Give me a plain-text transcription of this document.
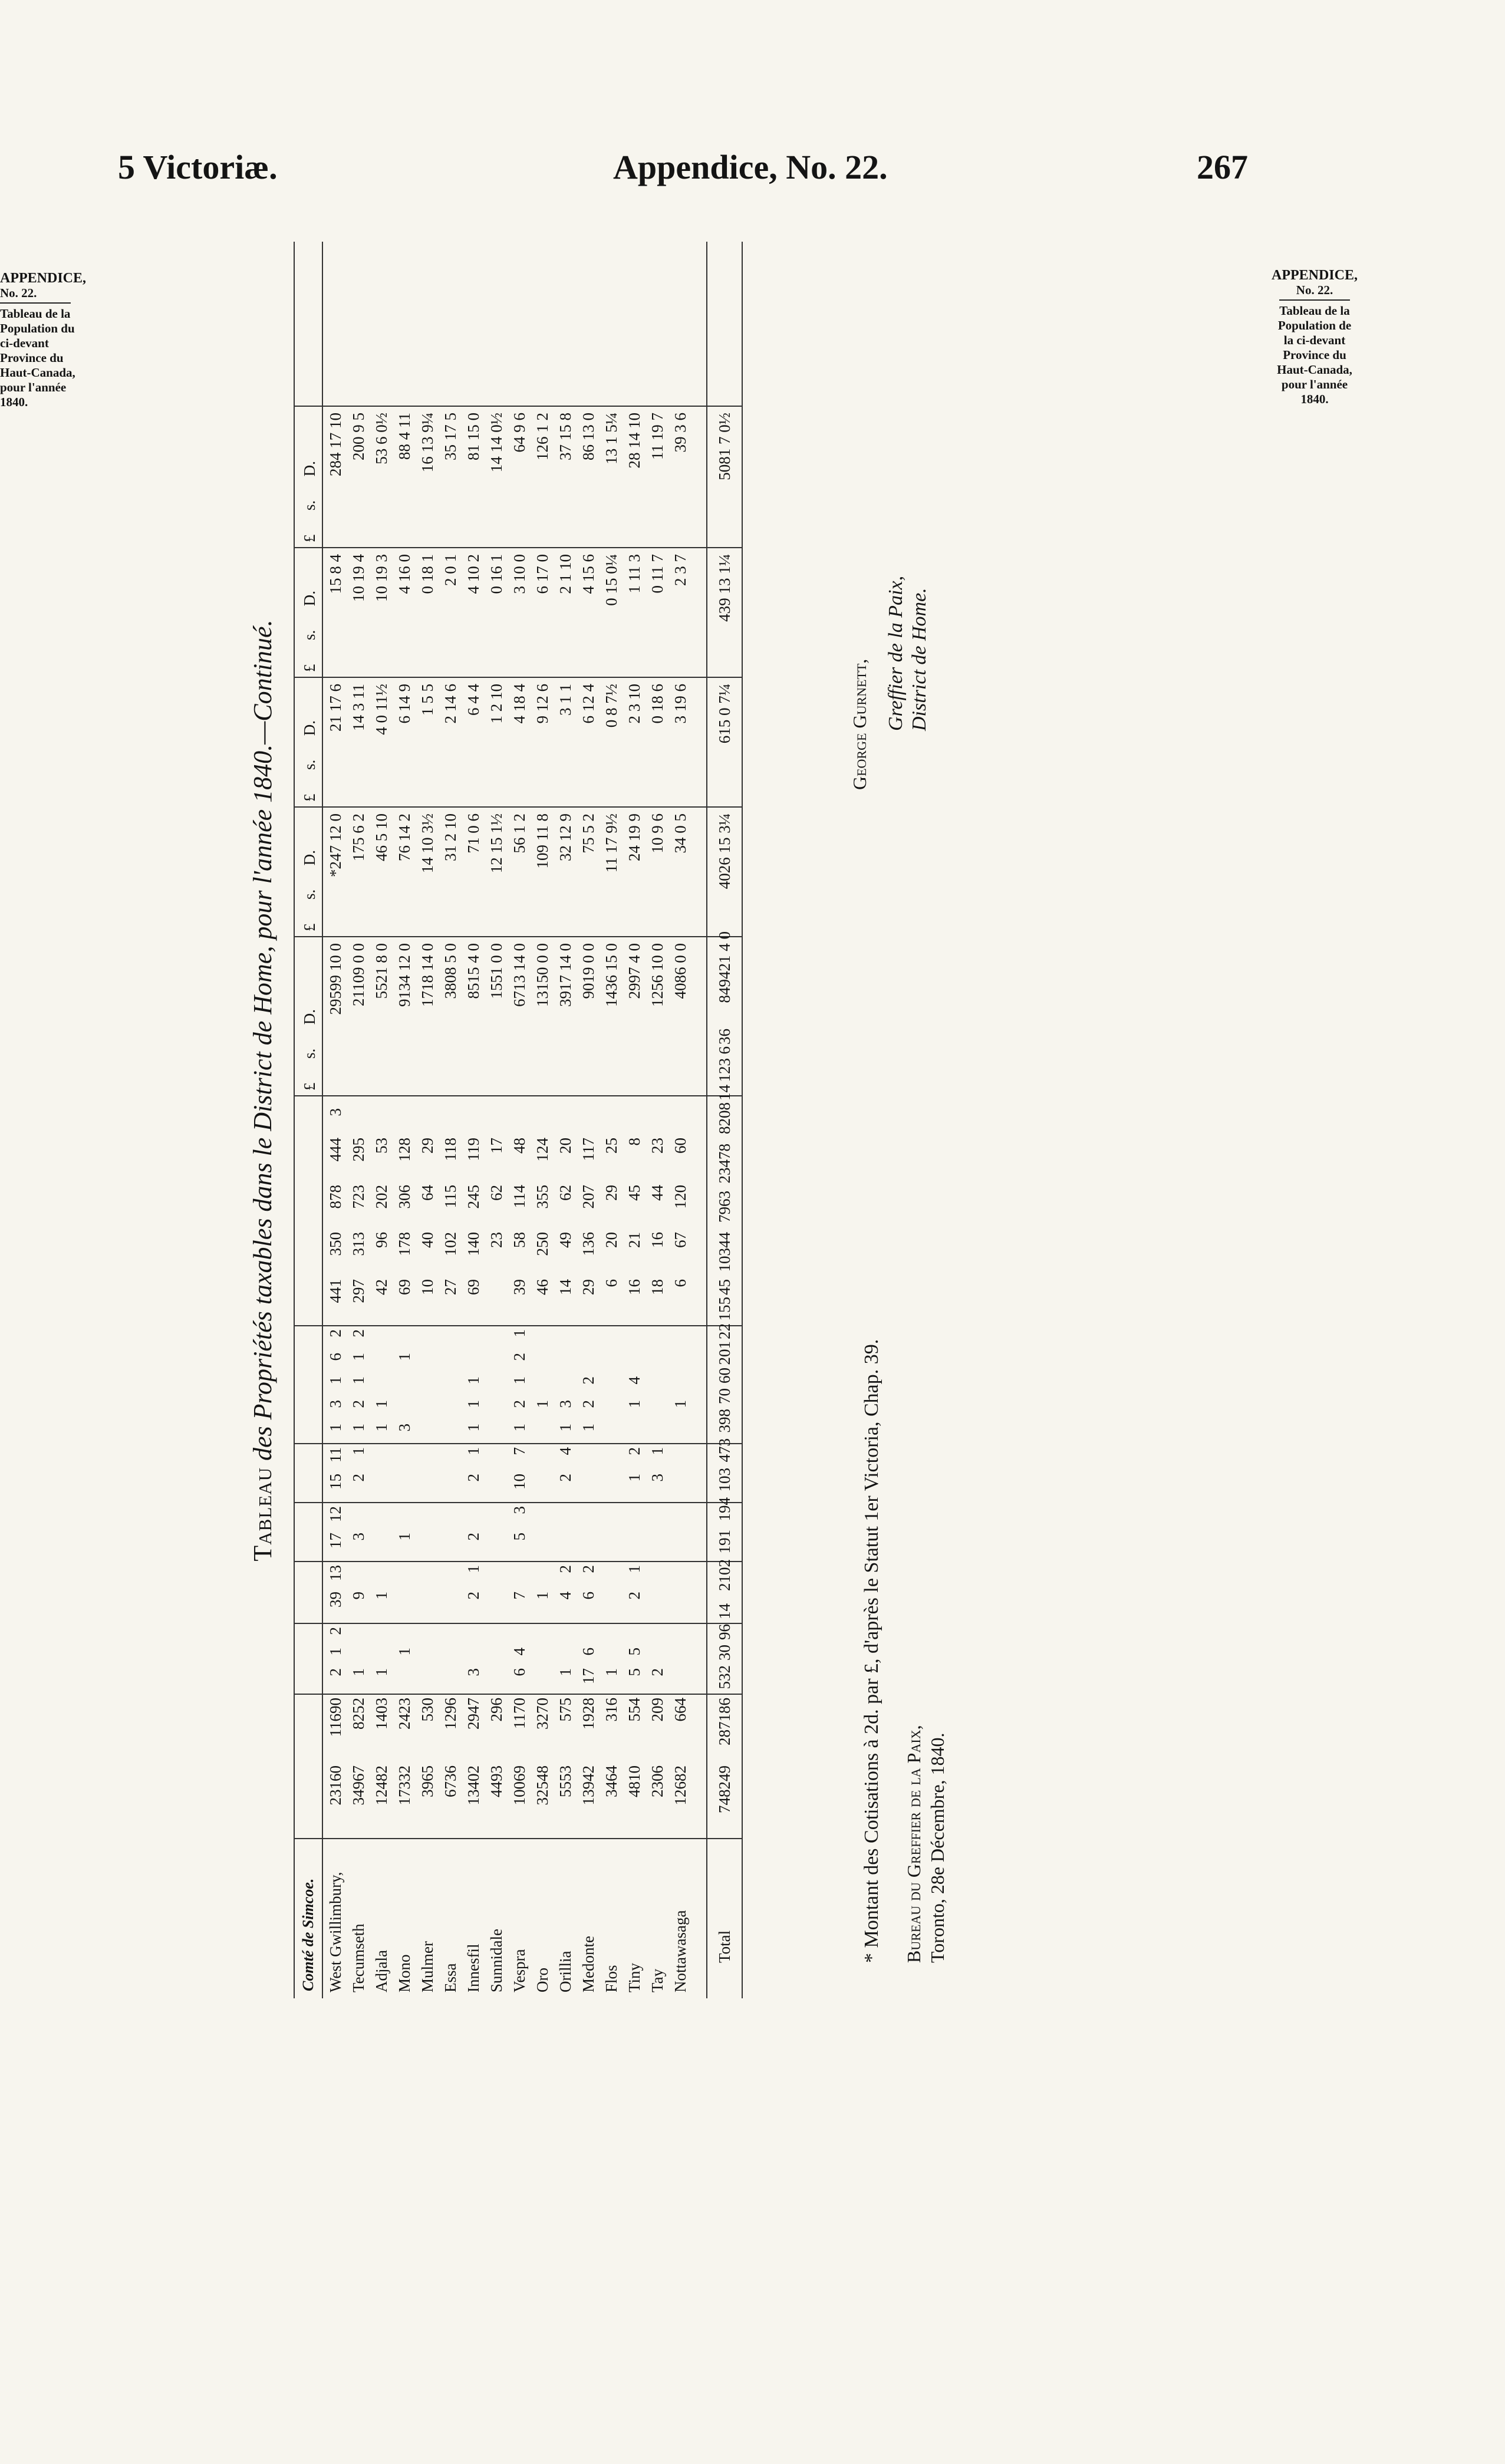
5 Victoriæ.	Appendice, No. 22.	267
APPENDICE,
No. 22.
Tableau de la
Population du
ci-devant
Province du
Haut-Canada,
pour l'année
1840.
APPENDICE,
No. 22.
Tableau de la
Population de
la ci-devant
Province du
Haut-Canada,
pour l'année
1840.
Tableau des Propriétés taxables dans le District de Home, pour l'année 1840.—Continué.
Comté de Simcoe.
£      s.      D.
£      s.      D.
£      s.      D.
£      s.      D.
£      s.      D.
West Gwillimbury,
23160
11690
2
1
2
39
13
17
12
15
11
1
3
1
6
2
441
350
878
444
3
29599 10 0
*247 12 0
21 17 6
15 8 4
284 17 10
Tecumseth
34967
8252
1
9
3
2
1
1
2
1
1
2
297
313
723
295
21109 0 0
175 6 2
14 3 11
10 19 4
200 9 5
Adjala
12482
1403
1
1
1
1
42
96
202
53
5521 8 0
46 5 10
4 0 11½
10 19 3
53 6 0½
Mono
17332
2423
1
1
3
1
69
178
306
128
9134 12 0
76 14 2
6 14 9
4 16 0
88 4 11
Mulmer
3965
530
10
40
64
29
1718 14 0
14 10 3½
1 5 5
0 18 1
16 13 9¼
Essa
6736
1296
27
102
115
118
3808 5 0
31 2 10
2 14 6
2 0 1
35 17 5
Innesfil
13402
2947
3
2
1
2
2
1
1
1
1
69
140
245
119
8515 4 0
71 0 6
6 4 4
4 10 2
81 15 0
Sunnidale
4493
296
23
62
17
1551 0 0
12 15 1½
1 2 10
0 16 1
14 14 0½
Vespra
10069
1170
6
4
7
5
3
10
7
1
2
1
2
1
39
58
114
48
6713 14 0
56 1 2
4 18 4
3 10 0
64 9 6
Oro
32548
3270
1
1
46
250
355
124
13150 0 0
109 11 8
9 12 6
6 17 0
126 1 2
Orillia
5553
575
1
4
2
2
4
1
3
14
49
62
20
3917 14 0
32 12 9
3 1 1
2 1 10
37 15 8
Medonte
13942
1928
17
6
6
2
1
2
2
29
136
207
117
9019 0 0
75 5 2
6 12 4
4 15 6
86 13 0
Flos
3464
316
1
6
20
29
25
1436 15 0
11 17 9½
0 8 7½
0 15 0¼
13 1 5¼
Tiny
4810
554
5
5
2
1
1
2
1
4
16
21
45
8
2997 4 0
24 19 9
2 3 10
1 11 3
28 14 10
Tay
2306
209
2
3
1
18
16
44
23
1256 10 0
10 9 6
0 18 6
0 11 7
11 19 7
Nottawasaga
12682
664
1
6
67
120
60
4086 0 0
34 0 5
3 19 6
2 3 7
39 3 6
Total
748249
287186
532
30
96
14
2102
191
194
103
473
398
70
60
201
22
155
45
10344
7963
23478
8208
14
123
6
36
849421 4 0
4026 15 3¼
615 0 7¼
439 13 1¼
5081 7 0½
* Montant des Cotisations à 2d. par £, d'après le Statut 1er Victoria, Chap. 39. Bureau du Greffier de la Paix, Toronto, 28e Décembre, 1840.
George Gurnett, Greffier de la Paix, District de Home.
